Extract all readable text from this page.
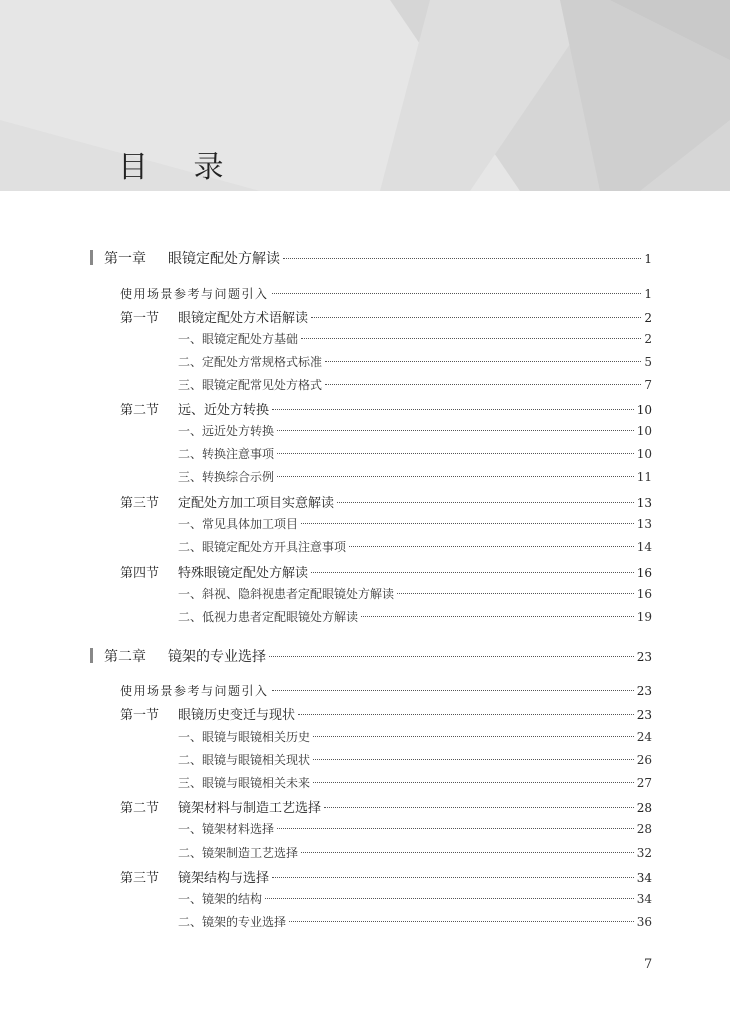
目 录
第一章 眼镜定配处方解读	1
使用场景参考与问题引入	1
第一节 眼镜定配处方术语解读	2
一、眼镜定配处方基础	2
二、定配处方常规格式标准	5
三、眼镜定配常见处方格式	7
第二节 远、近处方转换	10
一、远近处方转换	10
二、转换注意事项	10
三、转换综合示例	11
第三节 定配处方加工项目实意解读	13
一、常见具体加工项目	13
二、眼镜定配处方开具注意事项	14
第四节 特殊眼镜定配处方解读	16
一、斜视、隐斜视患者定配眼镜处方解读	16
二、低视力患者定配眼镜处方解读	19
第二章 镜架的专业选择	23
使用场景参考与问题引入	23
第一节 眼镜历史变迁与现状	23
一、眼镜与眼镜相关历史	24
二、眼镜与眼镜相关现状	26
三、眼镜与眼镜相关未来	27
第二节 镜架材料与制造工艺选择	28
一、镜架材料选择	28
二、镜架制造工艺选择	32
第三节 镜架结构与选择	34
一、镜架的结构	34
二、镜架的专业选择	36
7
